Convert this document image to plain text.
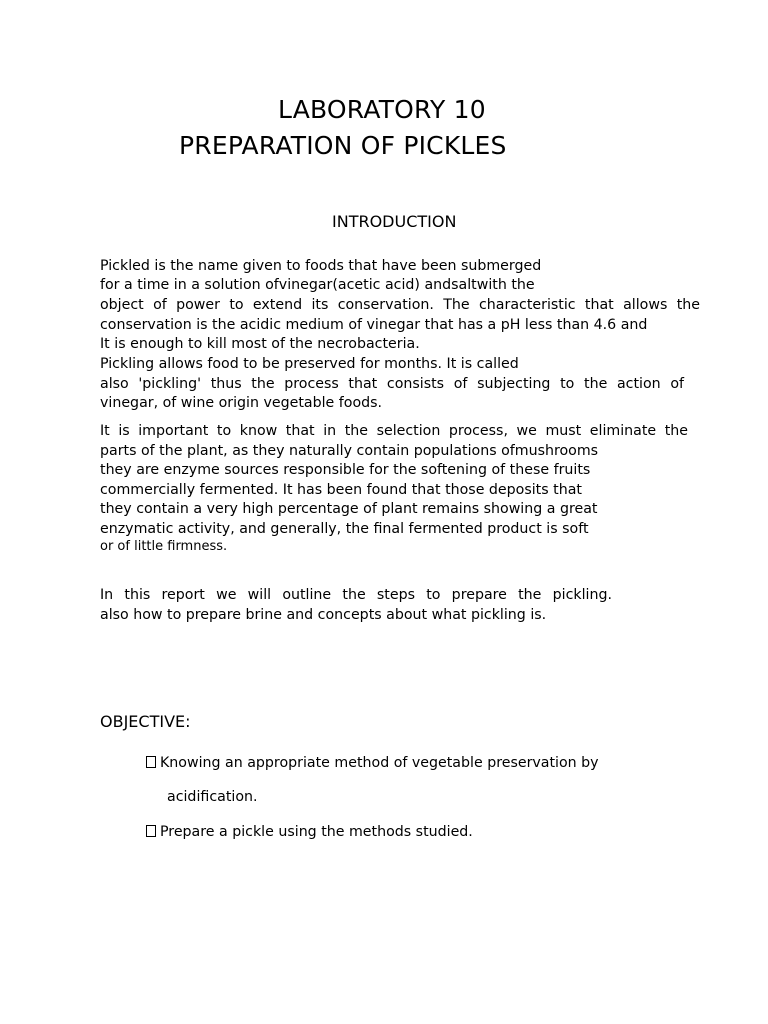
LABORATORY 10
PREPARATION OF PICKLES
INTRODUCTION
Pickled is the name given to foods that have been submerged
for a time in a solution ofvinegar(acetic acid) andsaltwith the
object of power to extend its conservation. The characteristic that allows the
conservation is the acidic medium of vinegar that has a pH less than 4.6 and
It is enough to kill most of the necrobacteria.
Pickling allows food to be preserved for months. It is called
also 'pickling' thus the process that consists of subjecting to the action of
vinegar, of wine origin vegetable foods.
It is important to know that in the selection process, we must eliminate the
parts of the plant, as they naturally contain populations ofmushrooms
they are enzyme sources responsible for the softening of these fruits
commercially fermented. It has been found that those deposits that
they contain a very high percentage of plant remains showing a great
enzymatic activity, and generally, the final fermented product is soft
or of little firmness.
In this report we will outline the steps to prepare the pickling.
also how to prepare brine and concepts about what pickling is.
OBJECTIVE:
Knowing an appropriate method of vegetable preservation by
acidification.
Prepare a pickle using the methods studied.
